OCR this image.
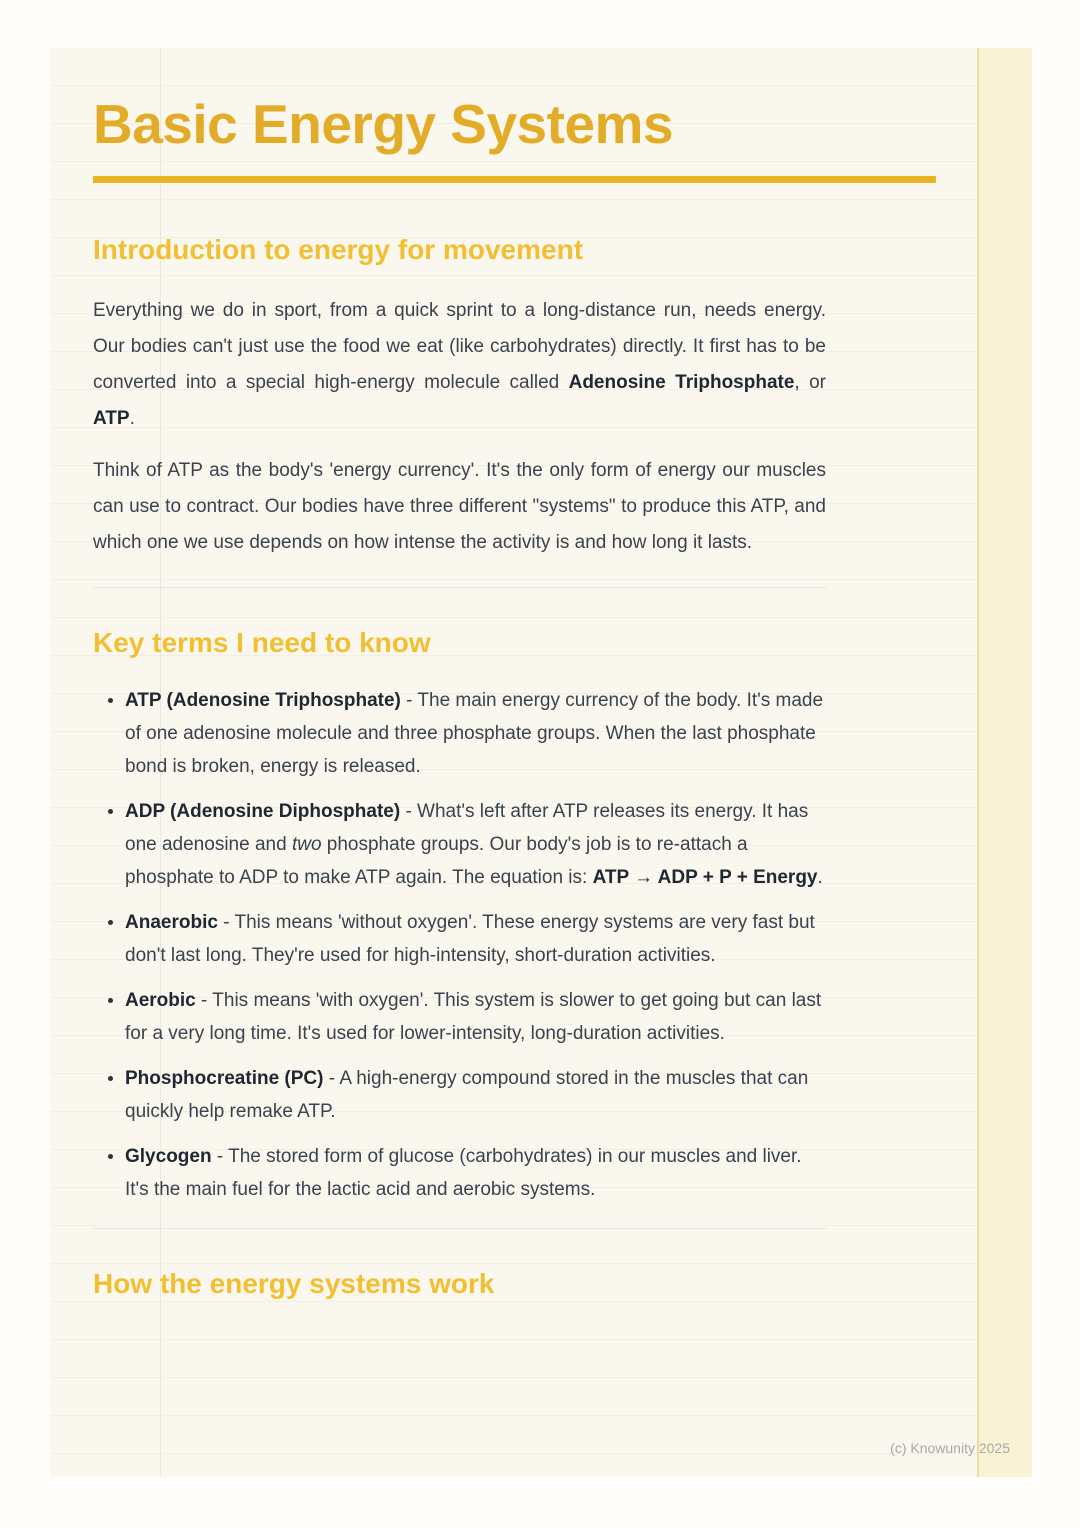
Basic Energy Systems
Introduction to energy for movement

Everything we do in sport, from a quick sprint to a long-distance run, needs energy. Our bodies can't just use the food we eat (like carbohydrates) directly. It first has to be converted into a special high-energy molecule called Adenosine Triphosphate, or ATP.

Think of ATP as the body's 'energy currency'. It's the only form of energy our muscles can use to contract. Our bodies have three different "systems" to produce this ATP, and which one we use depends on how intense the activity is and how long it lasts.

Key terms I need to know
• ATP (Adenosine Triphosphate) - The main energy currency of the body. It's made of one adenosine molecule and three phosphate groups. When the last phosphate bond is broken, energy is released.
• ADP (Adenosine Diphosphate) - What's left after ATP releases its energy. It has one adenosine and two phosphate groups. Our body's job is to re-attach a phosphate to ADP to make ATP again. The equation is: ATP → ADP + P + Energy.
• Anaerobic - This means 'without oxygen'. These energy systems are very fast but don't last long. They're used for high-intensity, short-duration activities.
• Aerobic - This means 'with oxygen'. This system is slower to get going but can last for a very long time. It's used for lower-intensity, long-duration activities.
• Phosphocreatine (PC) - A high-energy compound stored in the muscles that can quickly help remake ATP.
• Glycogen - The stored form of glucose (carbohydrates) in our muscles and liver. It's the main fuel for the lactic acid and aerobic systems.
How the energy systems work
(c) Knowunity 2025
